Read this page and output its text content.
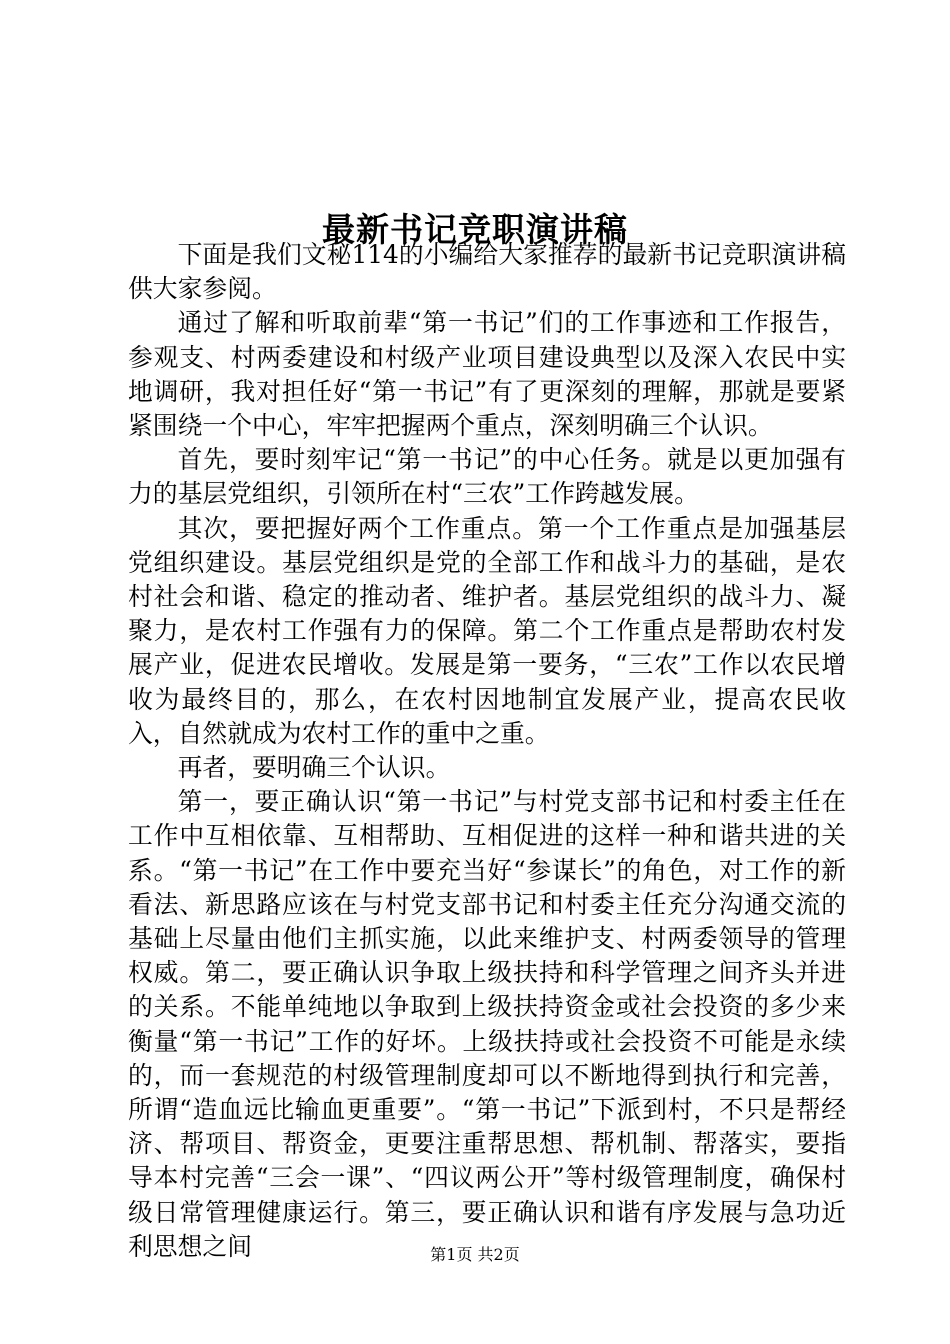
最新书记竞职演讲稿

下面是我们文秘114的小编给大家推荐的最新书记竞职演讲稿供大家参阅。

通过了解和听取前辈“第一书记”们的工作事迹和工作报告，参观支、村两委建设和村级产业项目建设典型以及深入农民中实地调研，我对担任好“第一书记”有了更深刻的理解，那就是要紧紧围绕一个中心，牢牢把握两个重点，深刻明确三个认识。

首先，要时刻牢记“第一书记”的中心任务。就是以更加强有力的基层党组织，引领所在村“三农”工作跨越发展。

其次，要把握好两个工作重点。第一个工作重点是加强基层党组织建设。基层党组织是党的全部工作和战斗力的基础，是农村社会和谐、稳定的推动者、维护者。基层党组织的战斗力、凝聚力，是农村工作强有力的保障。第二个工作重点是帮助农村发展产业，促进农民增收。发展是第一要务，“三农”工作以农民增收为最终目的，那么，在农村因地制宜发展产业，提高农民收入，自然就成为农村工作的重中之重。

再者，要明确三个认识。

第一，要正确认识“第一书记”与村党支部书记和村委主任在工作中互相依靠、互相帮助、互相促进的这样一种和谐共进的关系。“第一书记”在工作中要充当好“参谋长”的角色，对工作的新看法、新思路应该在与村党支部书记和村委主任充分沟通交流的基础上尽量由他们主抓实施，以此来维护支、村两委领导的管理权威。第二，要正确认识争取上级扶持和科学管理之间齐头并进的关系。不能单纯地以争取到上级扶持资金或社会投资的多少来衡量“第一书记”工作的好坏。上级扶持或社会投资不可能是永续的，而一套规范的村级管理制度却可以不断地得到执行和完善，所谓“造血远比输血更重要”。“第一书记”下派到村，不只是帮经济、帮项目、帮资金，更要注重帮思想、帮机制、帮落实，要指导本村完善“三会一课”、“四议两公开”等村级管理制度，确保村级日常管理健康运行。第三，要正确认识和谐有序发展与急功近利思想之间	第1页 共2页
